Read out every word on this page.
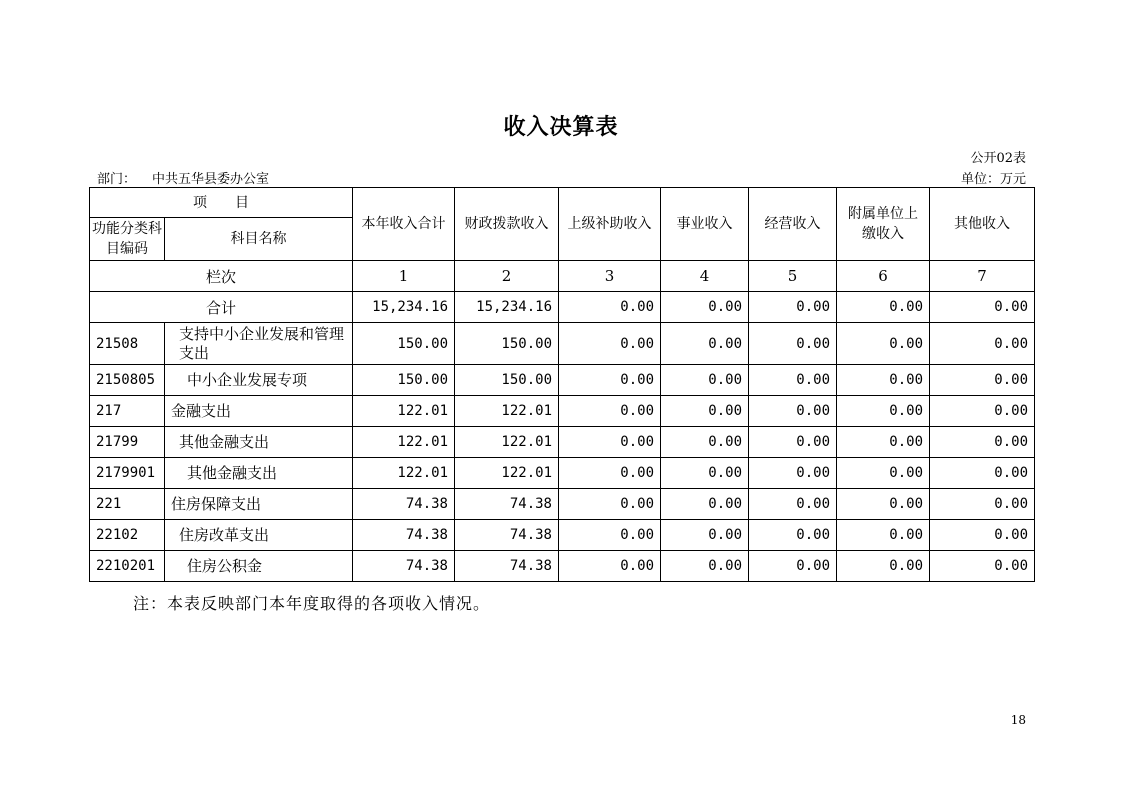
收入决算表
公开02表
部门： 中共五华县委办公室	单位：万元
项　　目		本年收入合计	财政拨款收入	上级补助收入	事业收入	经营收入	附属单位上缴收入	其他收入
功能分类科目编码	科目名称							
栏次		1	2	3	4	5	6	7
合计		15,234.16	15,234.16	0.00	0.00	0.00	0.00	0.00
21508	支持中小企业发展和管理支出	150.00	150.00	0.00	0.00	0.00	0.00	0.00
2150805	中小企业发展专项	150.00	150.00	0.00	0.00	0.00	0.00	0.00
217	金融支出	122.01	122.01	0.00	0.00	0.00	0.00	0.00
21799	其他金融支出	122.01	122.01	0.00	0.00	0.00	0.00	0.00
2179901	其他金融支出	122.01	122.01	0.00	0.00	0.00	0.00	0.00
221	住房保障支出	74.38	74.38	0.00	0.00	0.00	0.00	0.00
22102	住房改革支出	74.38	74.38	0.00	0.00	0.00	0.00	0.00
2210201	住房公积金	74.38	74.38	0.00	0.00	0.00	0.00	0.00
注：本表反映部门本年度取得的各项收入情况。
18
